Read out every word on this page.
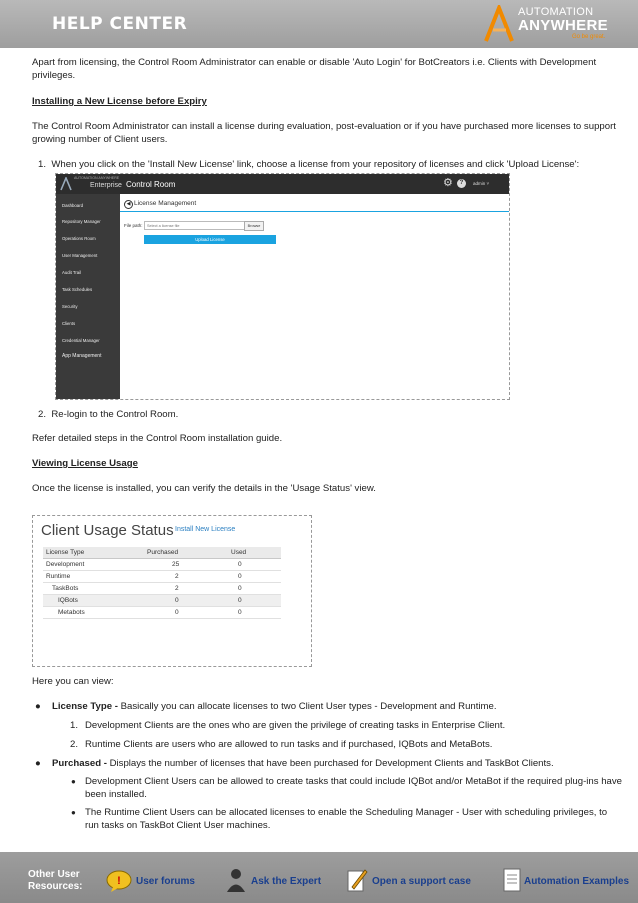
HELP CENTER
AUTOMATION
ANYWHERE
Go be great.

Apart from licensing, the Control Room Administrator can enable or disable 'Auto Login' for BotCreators i.e. Clients with Development privileges.

Installing a New License before Expiry

The Control Room Administrator can install a license during evaluation, post-evaluation or if you have purchased more licenses to support growing number of Client users.

1. When you click on the 'Install New License' link, choose a license from your repository of licenses and click 'Upload License':

AUTOMATION ANYWHERE
Enterprise Control Room	⚙	?	admin ˅
Dashboard
Repository Manager
Operations Room
User Management
Audit Trail
Task Schedules
Security
Clients
Credential Manager
App Management
◀ License Management
File path:
Select a license file	Browse
Upload License

2. Re-login to the Control Room.

Refer detailed steps in the Control Room installation guide.

Viewing License Usage

Once the license is installed, you can verify the details in the 'Usage Status' view.

Client Usage Status Install New License
License Type	Purchased	Used
Development	25	0
Runtime	2	0
TaskBots	2	0
IQBots	0	0
Metabots	0	0

Here you can view:

● License Type - Basically you can allocate licenses to two Client User types - Development and Runtime.
1. Development Clients are the ones who are given the privilege of creating tasks in Enterprise Client.
2. Runtime Clients are users who are allowed to run tasks and if purchased, IQBots and MetaBots.
● Purchased - Displays the number of licenses that have been purchased for Development Clients and TaskBot Clients.
● Development Client Users can be allowed to create tasks that could include IQBot and/or MetaBot if the required plug-ins have been installed.
● The Runtime Client Users can be allocated licenses to enable the Scheduling Manager - User with scheduling privileges, to run tasks on TaskBot Client User machines.
Other User
Resources:	! User forums	Ask the Expert	Open a support case	Automation Examples
